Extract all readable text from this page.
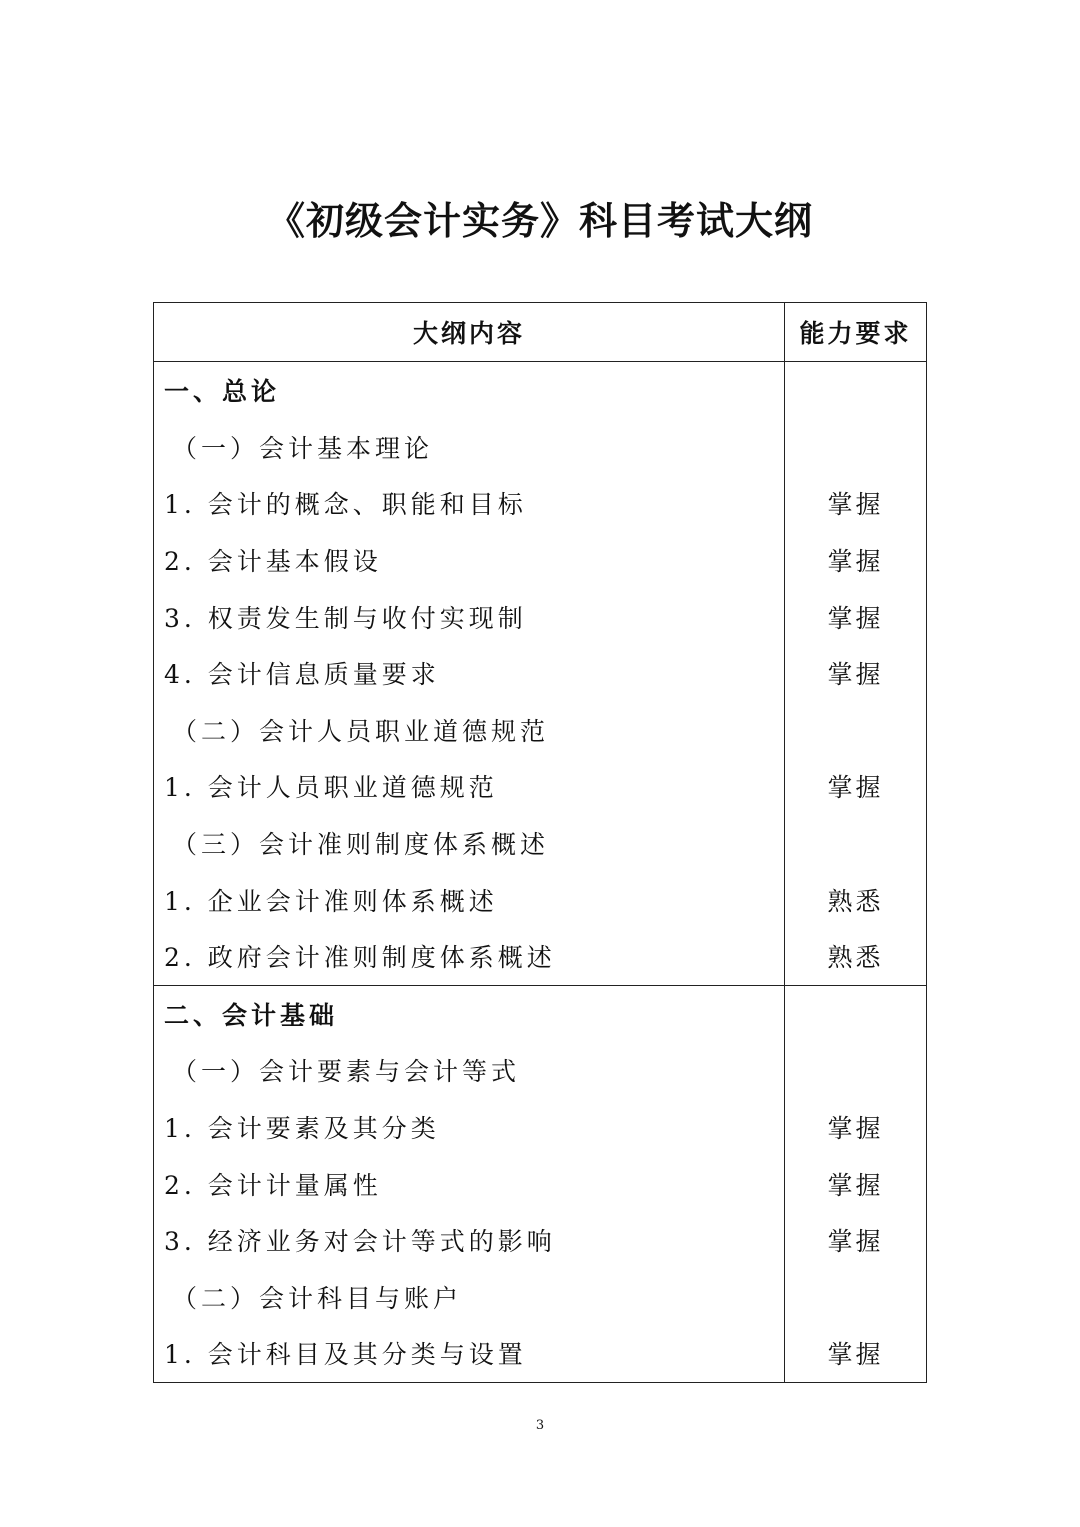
《初级会计实务》科目考试大纲
大纲内容	能力要求
一、总论
（一）会计基本理论
1. 会计的概念、职能和目标	掌握
2. 会计基本假设	掌握
3. 权责发生制与收付实现制	掌握
4. 会计信息质量要求	掌握
（二）会计人员职业道德规范
1. 会计人员职业道德规范	掌握
（三）会计准则制度体系概述
1. 企业会计准则体系概述	熟悉
2. 政府会计准则制度体系概述	熟悉
二、会计基础
（一）会计要素与会计等式
1. 会计要素及其分类	掌握
2. 会计计量属性	掌握
3. 经济业务对会计等式的影响	掌握
（二）会计科目与账户
1. 会计科目及其分类与设置	掌握
3
